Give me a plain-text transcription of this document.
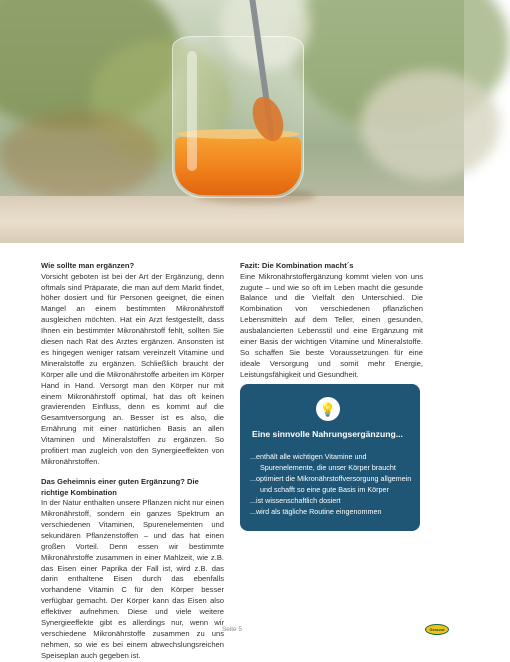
Wie sollte man ergänzen?

Vorsicht geboten ist bei der Art der Ergänzung, denn oftmals sind Präparate, die man auf dem Markt findet, höher dosiert und für Personen geeignet, die einen Mangel an einem bestimmten Mikronährstoff ausgleichen möchten. Hat ein Arzt festgestellt, dass Ihnen ein bestimmter Mikronährstoff fehlt, sollten Sie diesen nach Rat des Arztes ergänzen. Ansonsten ist es hingegen weniger ratsam vereinzelt Vitamine und Mineralstoffe zu ergänzen. Schließlich braucht der Körper alle und die Mikronährstoffe arbeiten im Körper Hand in Hand. Versorgt man den Körper nur mit einem Mikronährstoff optimal, hat das oft keinen gravierenden Einfluss, denn es kommt auf die Gesamtversorgung an. Besser ist es also, die Ernährung mit einer natürlichen Basis an allen Vitaminen und Mineralstoffen zu ergänzen. So profitiert man zugleich von den Synergieeffekten von Mikronährstoffen.

Das Geheimnis einer guten Ergänzung? Die richtige Kombination

In der Natur enthalten unsere Pflanzen nicht nur einen Mikronährstoff, sondern ein ganzes Spektrum an verschiedenen Vitaminen, Spurenelementen und sekundären Pflanzenstoffen – und das hat einen großen Vorteil. Denn essen wir bestimmte Mikronährstoffe zusammen in einer Mahlzeit, wie z.B. das Eisen einer Paprika der Fall ist, wird z.B. das darin enthaltene Eisen durch das ebenfalls vorhandene Vitamin C für den Körper besser verfügbar gemacht. Der Körper kann das Eisen also effektiver aufnehmen. Diese und viele weitere Synergieeffekte gibt es allerdings nur, wenn wir verschiedene Mikronährstoffe zusammen zu uns nehmen, so wie es bei einem abwechslungsreichen Speiseplan auch gegeben ist.

Fazit: Die Kombination macht´s

Eine Mikronährstoffergänzung kommt vielen von uns zugute – und wie so oft im Leben macht die gesunde Balance und die Vielfalt den Unterschied. Die Kombination von verschiedenen pflanzlichen Lebensmitteln auf dem Teller, einen gesunden, ausbalancierten Lebensstil und eine Ergänzung mit einer Basis der wichtigen Vitamine und Mineralstoffe. So schaffen Sie beste Voraussetzungen für eine ideale Versorgung und somit mehr Energie, Leistungsfähigkeit und Gesundheit.

💡
Eine sinnvolle Nahrungsergänzung...
...enthält alle wichtigen Vitamine und Spurenelemente, die unser Körper braucht
...optimiert die Mikronährstoffversorgung allgemein und schafft so eine gute Basis im Körper
...ist wissenschaftlich dosiert
...wird als tägliche Routine eingenommen
Seite 5	Gesund
